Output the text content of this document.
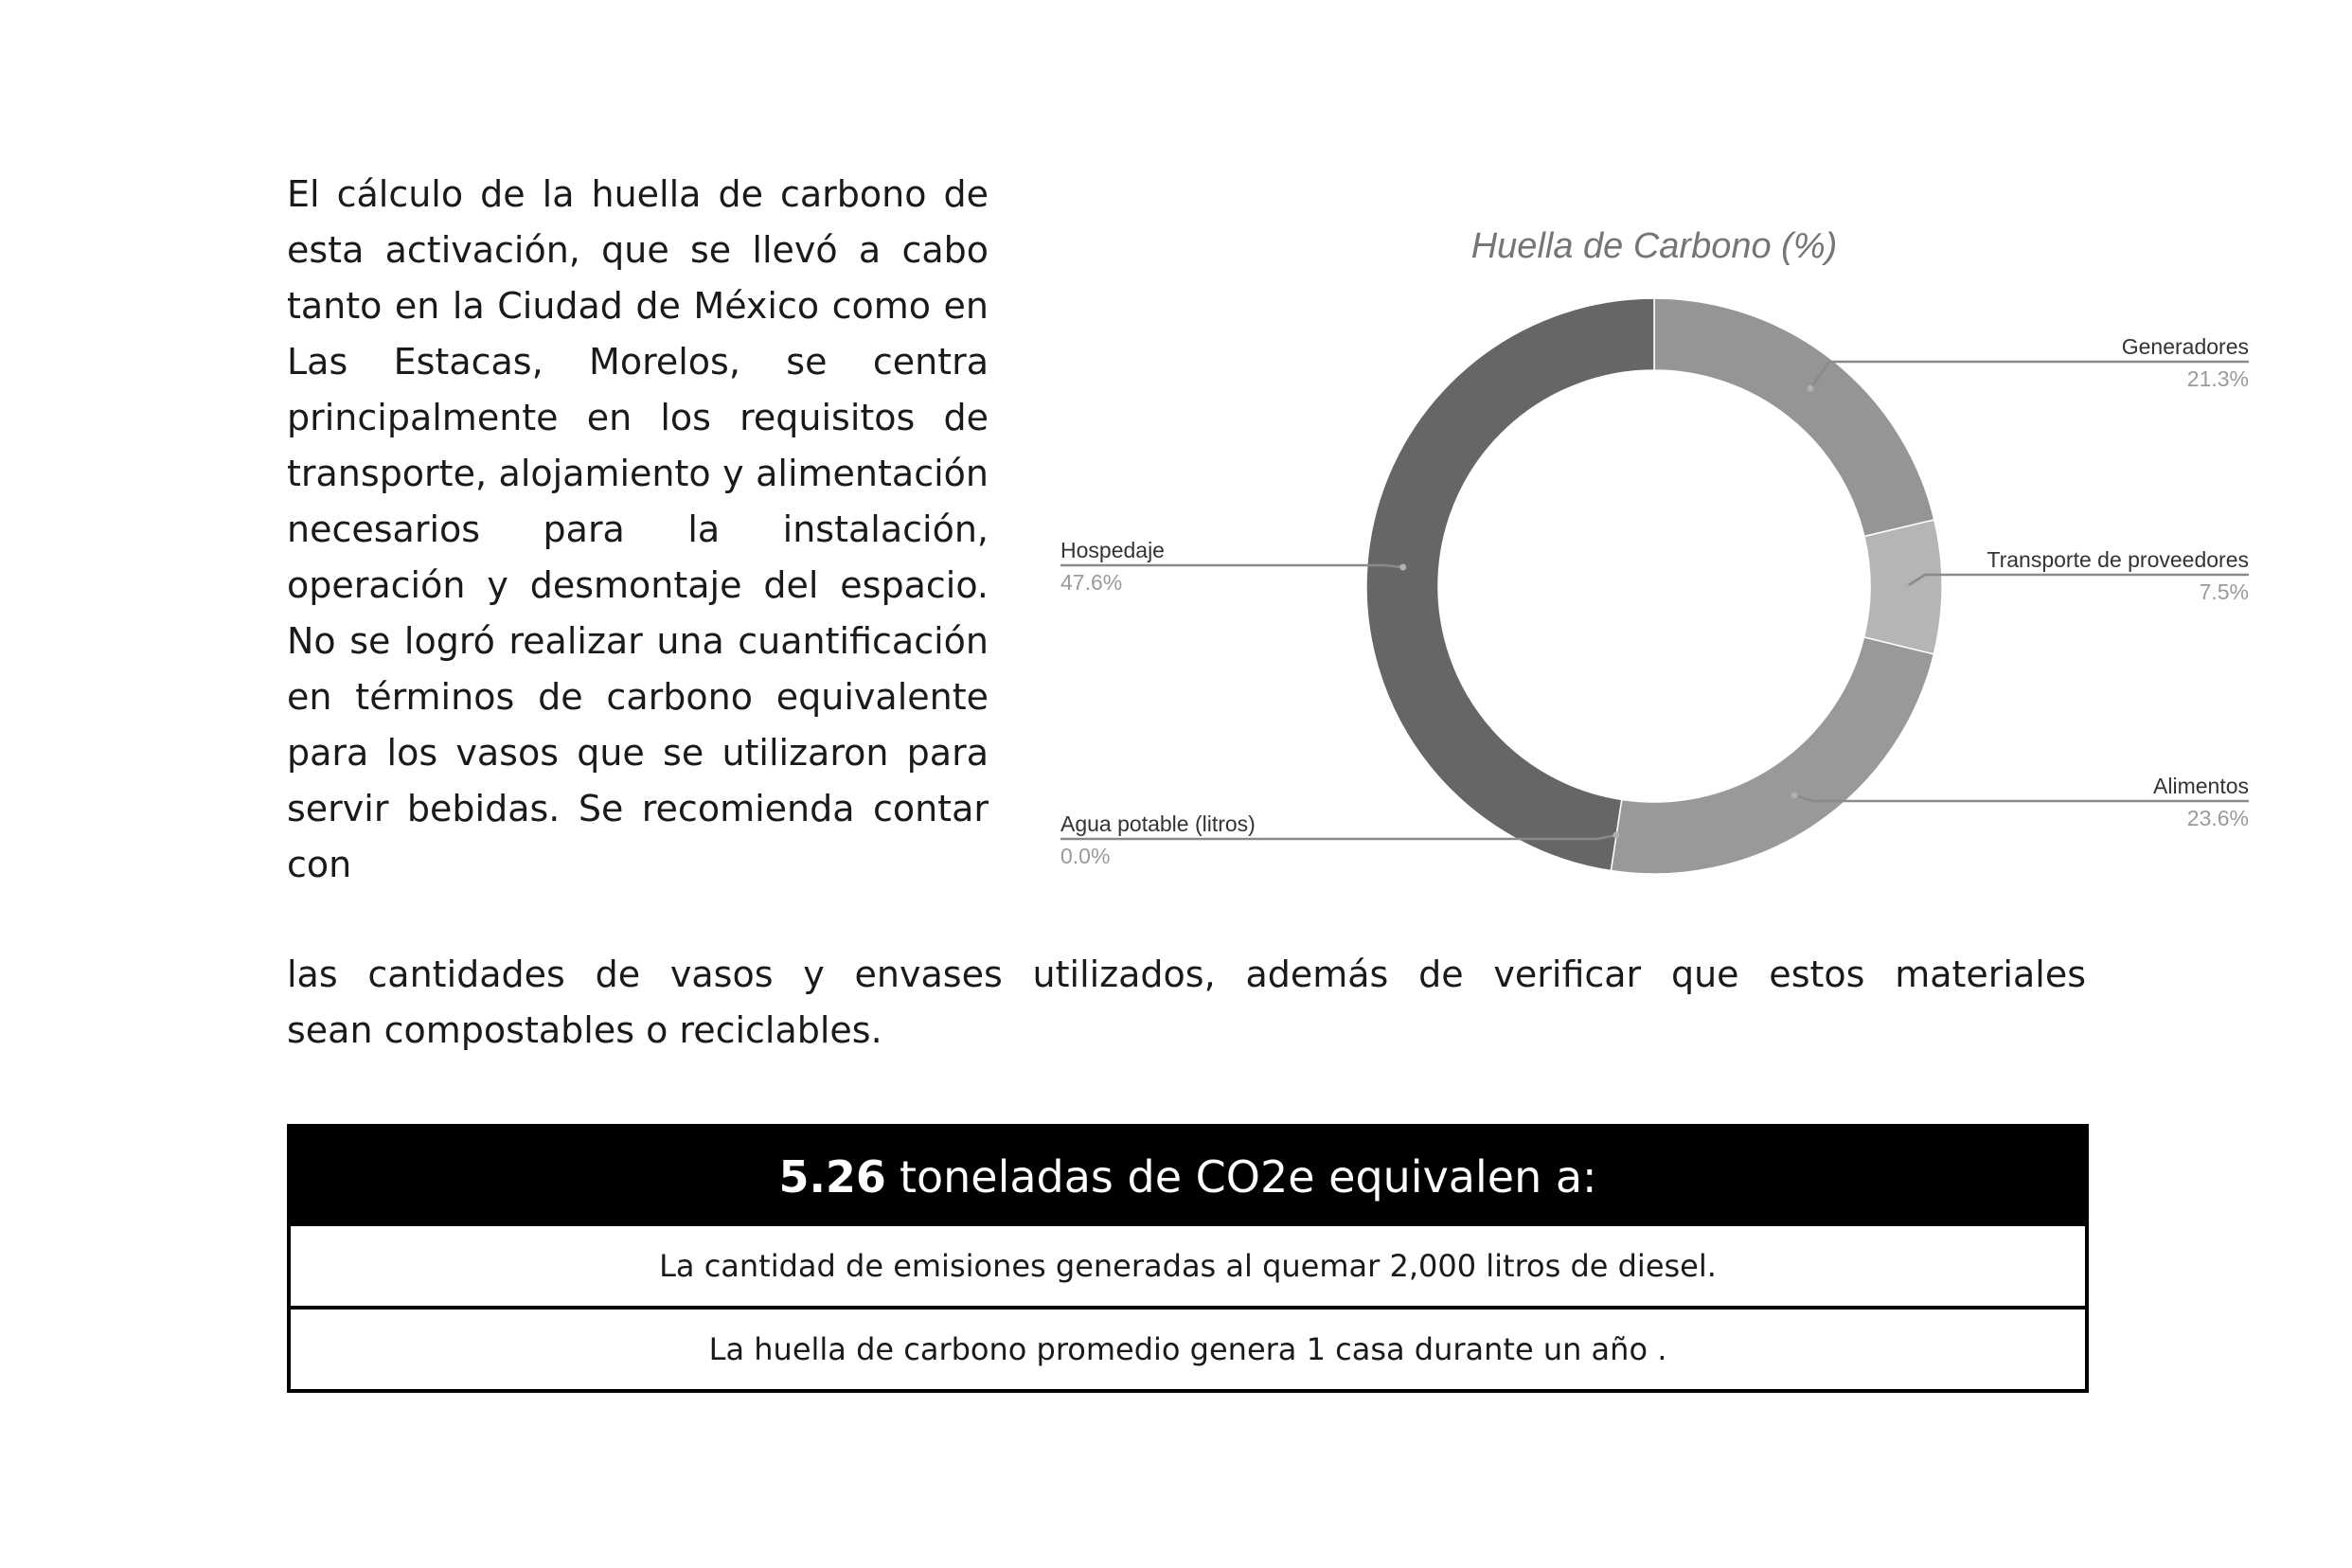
El cálculo de la huella de carbono de esta activación, que se llevó a cabo tanto en la Ciudad de México como en Las Estacas, Morelos, se centra principalmente en los requisitos de transporte, alojamiento y alimentación necesarios para la instalación, operación y desmontaje del espacio. No se logró realizar una cuantificación en términos de carbono equivalente para los vasos que se utilizaron para servir bebidas. Se recomienda contar con

las cantidades de vasos y envases utilizados, además de verificar que estos materiales
sean compostables o reciclables.
Huella de Carbono (%)
Generadores
21.3%
Transporte de proveedores
7.5%
Alimentos
23.6%
Agua potable (litros)
0.0%
Hospedaje
47.6%
5.26 toneladas de CO2e equivalen a:
La cantidad de emisiones generadas al quemar 2,000 litros de diesel.
La huella de carbono promedio genera 1 casa durante un año .
